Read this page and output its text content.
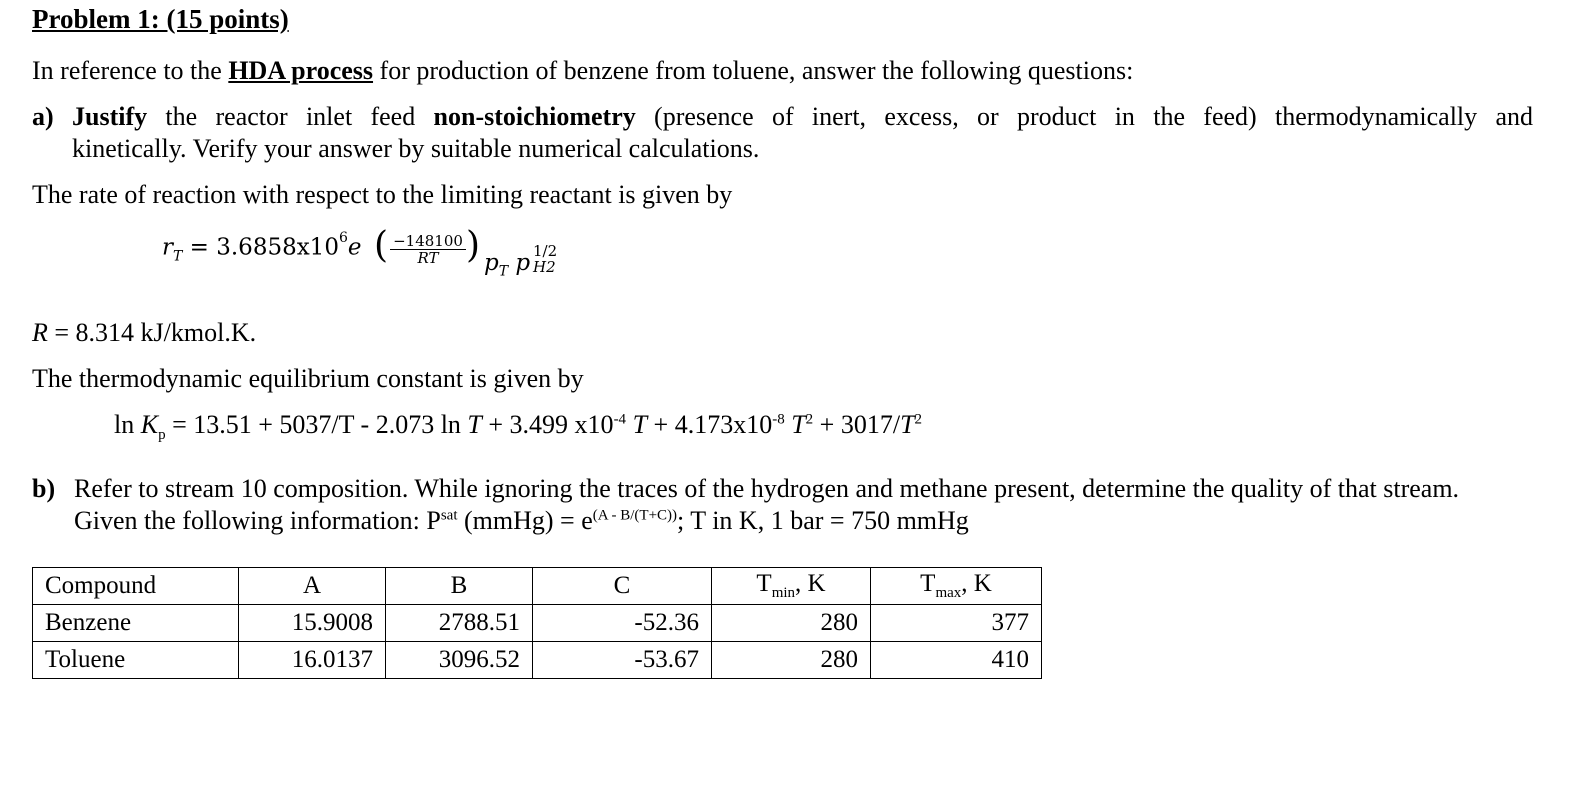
Problem 1: (15 points)
In reference to the HDA process for production of benzene from toluene, answer the following questions:
a) Justify the reactor inlet feed non-stoichiometry (presence of inert, excess, or product in the feed) thermodynamically and
kinetically. Verify your answer by suitable numerical calculations.
The rate of reaction with respect to the limiting reactant is given by
$r_T = 3.6858x10^6e$ ( $\frac{-148100}{RT}$ ) $p_T$ p 1/2
H2
R = 8.314 kJ/kmol.K.
The thermodynamic equilibrium constant is given by
$\ln K_p = 13.51 + 5037/T - 2.073$ ln T + 3.499 $x10^{-4}$ $T + 4.173x10^{-8}$ $T^2 + 3017/T^2$
b) Refer to stream 10 composition. While ignoring the traces of the hydrogen and methane present, determine the quality of that stream.
Given the following information: $P^{sat}$ (mmHg) = $e^{(A - B/(T+C))}$; T in K, 1 bar = 750 mmHg
Compound	A	B	C	$T_{min}$, K	$T_{max}$, K
Benzene	15.9008	2788.51	-52.36	280	377
Toluene	16.0137	3096.52	-53.67	280	410
